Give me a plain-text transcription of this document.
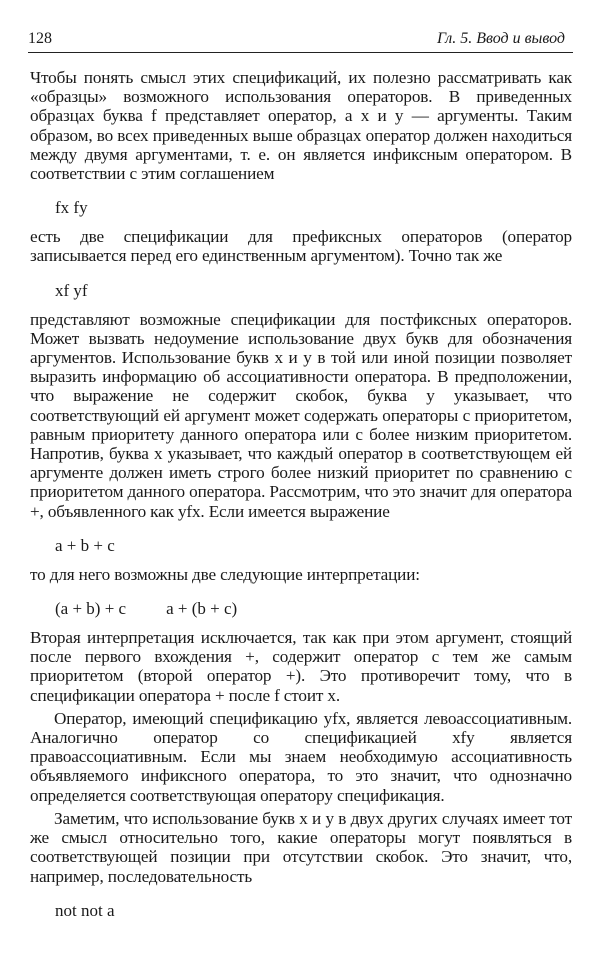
128	Гл. 5. Ввод и вывод

Чтобы понять смысл этих спецификаций, их полезно рассматривать как «образцы» возможного использования операторов. В приведенных образцах буква f представляет оператор, а x и y — аргументы. Таким образом, во всех приведенных выше образцах оператор должен находиться между двумя аргументами, т. е. он является инфиксным оператором. В соответствии с этим соглашением

fx fy

есть две спецификации для префиксных операторов (оператор записывается перед его единственным аргументом). Точно так же

xf yf

представляют возможные спецификации для постфиксных операторов. Может вызвать недоумение использование двух букв для обозначения аргументов. Использование букв x и y в той или иной позиции позволяет выразить информацию об ассоциативности оператора. В предположении, что выражение не содержит скобок, буква y указывает, что соответствующий ей аргумент может содержать операторы с приоритетом, равным приоритету данного оператора или с более низким приоритетом. Напротив, буква x указывает, что каждый оператор в соответствующем ей аргументе должен иметь строго более низкий приоритет по сравнению с приоритетом данного оператора. Рассмотрим, что это значит для оператора +, объявленного как yfx. Если имеется выражение

a + b + c

то для него возможны две следующие интерпретации:

(a + b) + c a + (b + c)

Вторая интерпретация исключается, так как при этом аргумент, стоящий после первого вхождения +, содержит оператор с тем же самым приоритетом (второй оператор +). Это противоречит тому, что в спецификации оператора + после f стоит x.

Оператор, имеющий спецификацию yfx, является левоассоциативным. Аналогично оператор со спецификацией xfy является правоассоциативным. Если мы знаем необходимую ассоциативность объявляемого инфиксного оператора, то это значит, что однозначно определяется соответствующая оператору спецификация.

Заметим, что использование букв x и y в двух других случаях имеет тот же смысл относительно того, какие операторы могут появляться в соответствующей позиции при отсутствии скобок. Это значит, что, например, последовательность

not not a
